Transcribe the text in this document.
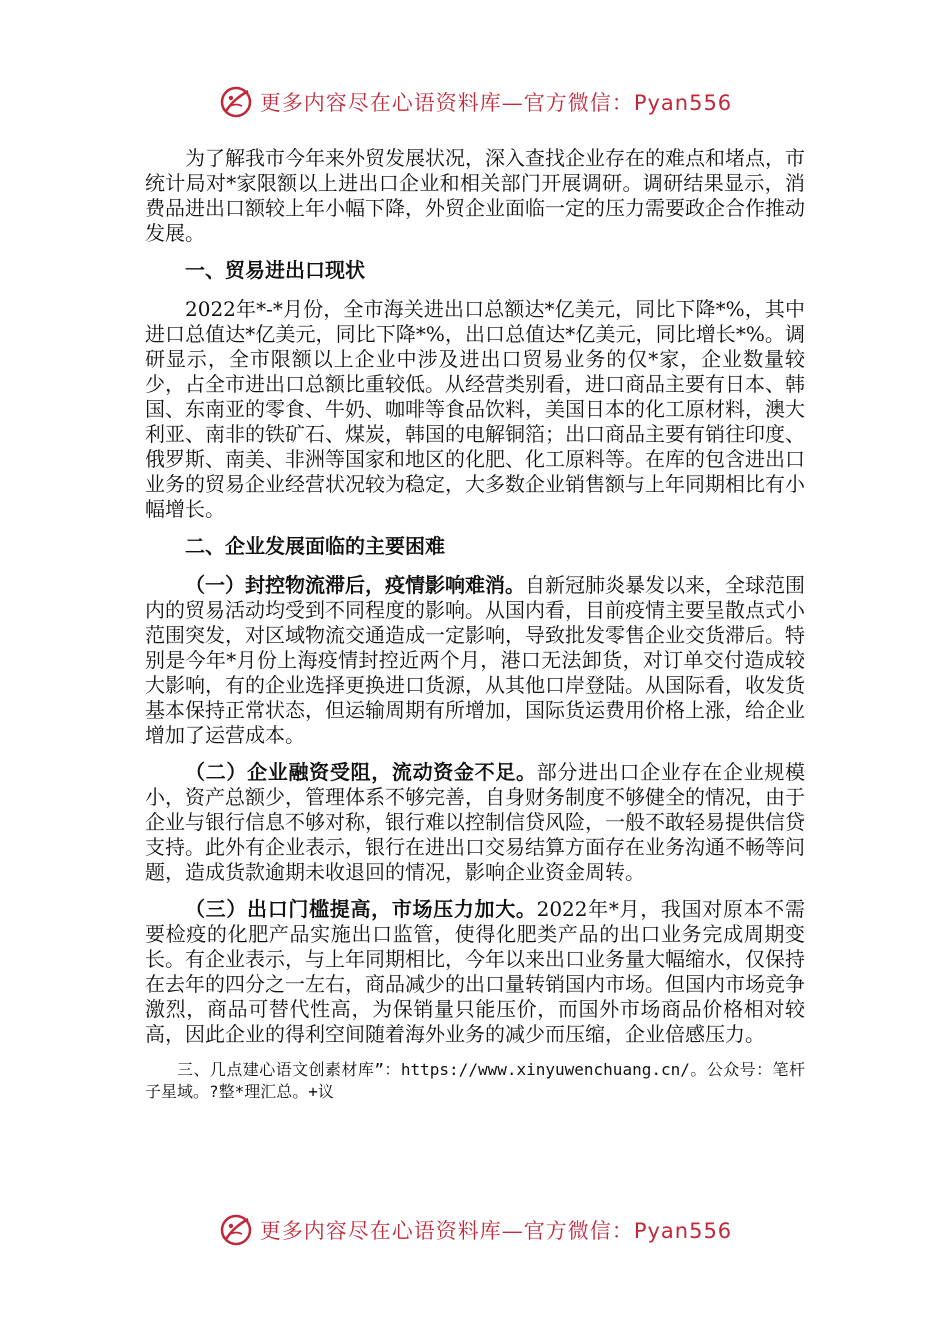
更多内容尽在心语资料库—官方微信：Pyan556

为了解我市今年来外贸发展状况，深入查找企业存在的难点和堵点，市统计局对*家限额以上进出口企业和相关部门开展调研。调研结果显示，消费品进出口额较上年小幅下降，外贸企业面临一定的压力需要政企合作推动发展。

一、贸易进出口现状

2022年*-*月份，全市海关进出口总额达*亿美元，同比下降*%，其中进口总值达*亿美元，同比下降*%，出口总值达*亿美元，同比增长*%。调研显示，全市限额以上企业中涉及进出口贸易业务的仅*家，企业数量较少，占全市进出口总额比重较低。从经营类别看，进口商品主要有日本、韩国、东南亚的零食、牛奶、咖啡等食品饮料，美国日本的化工原材料，澳大利亚、南非的铁矿石、煤炭，韩国的电解铜箔；出口商品主要有销往印度、俄罗斯、南美、非洲等国家和地区的化肥、化工原料等。在库的包含进出口业务的贸易企业经营状况较为稳定，大多数企业销售额与上年同期相比有小幅增长。

二、企业发展面临的主要困难

（一）封控物流滞后，疫情影响难消。自新冠肺炎暴发以来，全球范围内的贸易活动均受到不同程度的影响。从国内看，目前疫情主要呈散点式小范围突发，对区域物流交通造成一定影响，导致批发零售企业交货滞后。特别是今年*月份上海疫情封控近两个月，港口无法卸货，对订单交付造成较大影响，有的企业选择更换进口货源，从其他口岸登陆。从国际看，收发货基本保持正常状态，但运输周期有所增加，国际货运费用价格上涨，给企业增加了运营成本。

（二）企业融资受阻，流动资金不足。部分进出口企业存在企业规模小，资产总额少，管理体系不够完善，自身财务制度不够健全的情况，由于企业与银行信息不够对称，银行难以控制信贷风险，一般不敢轻易提供信贷支持。此外有企业表示，银行在进出口交易结算方面存在业务沟通不畅等问题，造成货款逾期未收退回的情况，影响企业资金周转。

（三）出口门槛提高，市场压力加大。2022年*月，我国对原本不需要检疫的化肥产品实施出口监管，使得化肥类产品的出口业务完成周期变长。有企业表示，与上年同期相比，今年以来出口业务量大幅缩水，仅保持在去年的四分之一左右，商品减少的出口量转销国内市场。但国内市场竞争激烈，商品可替代性高，为保销量只能压价，而国外市场商品价格相对较高，因此企业的得利空间随着海外业务的减少而压缩，企业倍感压力。

三、几点建心语文创素材库”：https://www.xinyuwenchuang.cn/。公众号：笔杆子星域。?整*理汇总。+议

更多内容尽在心语资料库—官方微信：Pyan556
